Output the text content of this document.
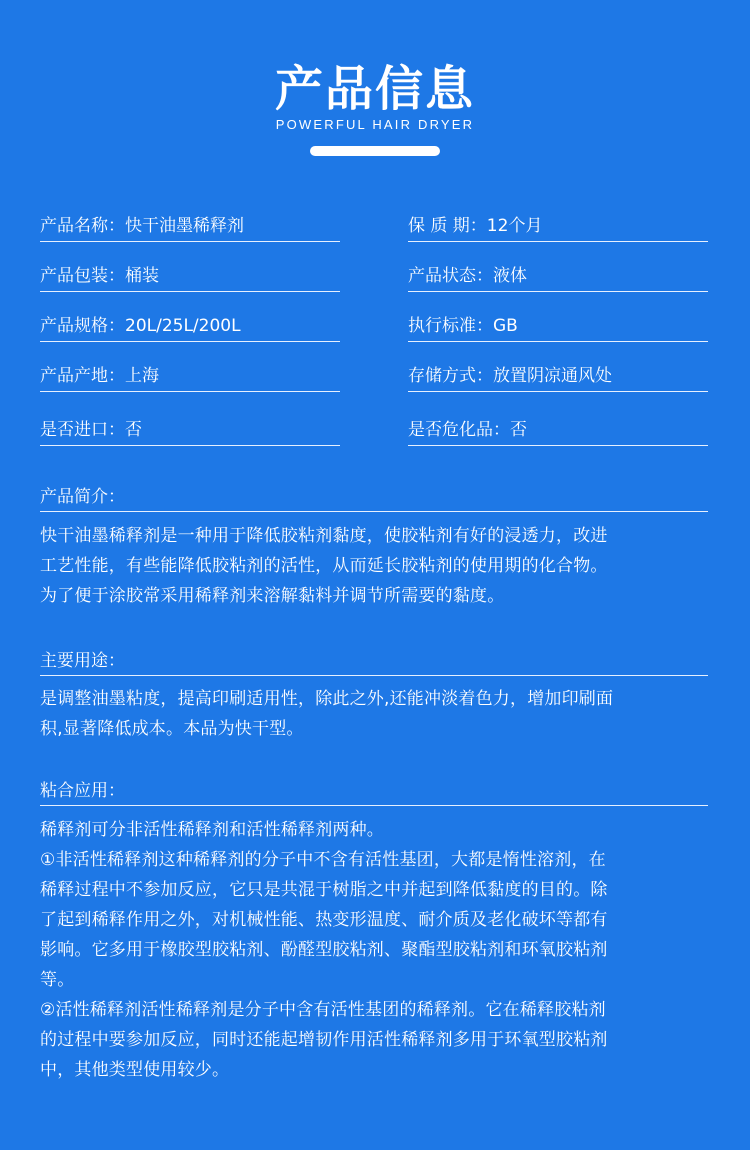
产品信息
POWERFUL HAIR DRYER
产品名称：快干油墨稀释剂	保 质 期：12个月
产品包装：桶装	产品状态：液体
产品规格：20L/25L/200L	执行标准：GB
产品产地：上海	存储方式：放置阴凉通风处
是否进口：否	是否危化品：否
产品简介：

快干油墨稀释剂是一种用于降低胶粘剂黏度，使胶粘剂有好的浸透力，改进

工艺性能，有些能降低胶粘剂的活性，从而延长胶粘剂的使用期的化合物。

为了便于涂胶常采用稀释剂来溶解黏料并调节所需要的黏度。

主要用途：

是调整油墨粘度，提高印刷适用性，除此之外,还能冲淡着色力，增加印刷面

积,显著降低成本。本品为快干型。

粘合应用：

稀释剂可分非活性稀释剂和活性稀释剂两种。

①非活性稀释剂这种稀释剂的分子中不含有活性基团，大都是惰性溶剂，在

稀释过程中不参加反应，它只是共混于树脂之中并起到降低黏度的目的。除

了起到稀释作用之外，对机械性能、热变形温度、耐介质及老化破坏等都有

影响。它多用于橡胶型胶粘剂、酚醛型胶粘剂、聚酯型胶粘剂和环氧胶粘剂

等。

②活性稀释剂活性稀释剂是分子中含有活性基团的稀释剂。它在稀释胶粘剂

的过程中要参加反应，同时还能起增韧作用活性稀释剂多用于环氧型胶粘剂

中，其他类型使用较少。
